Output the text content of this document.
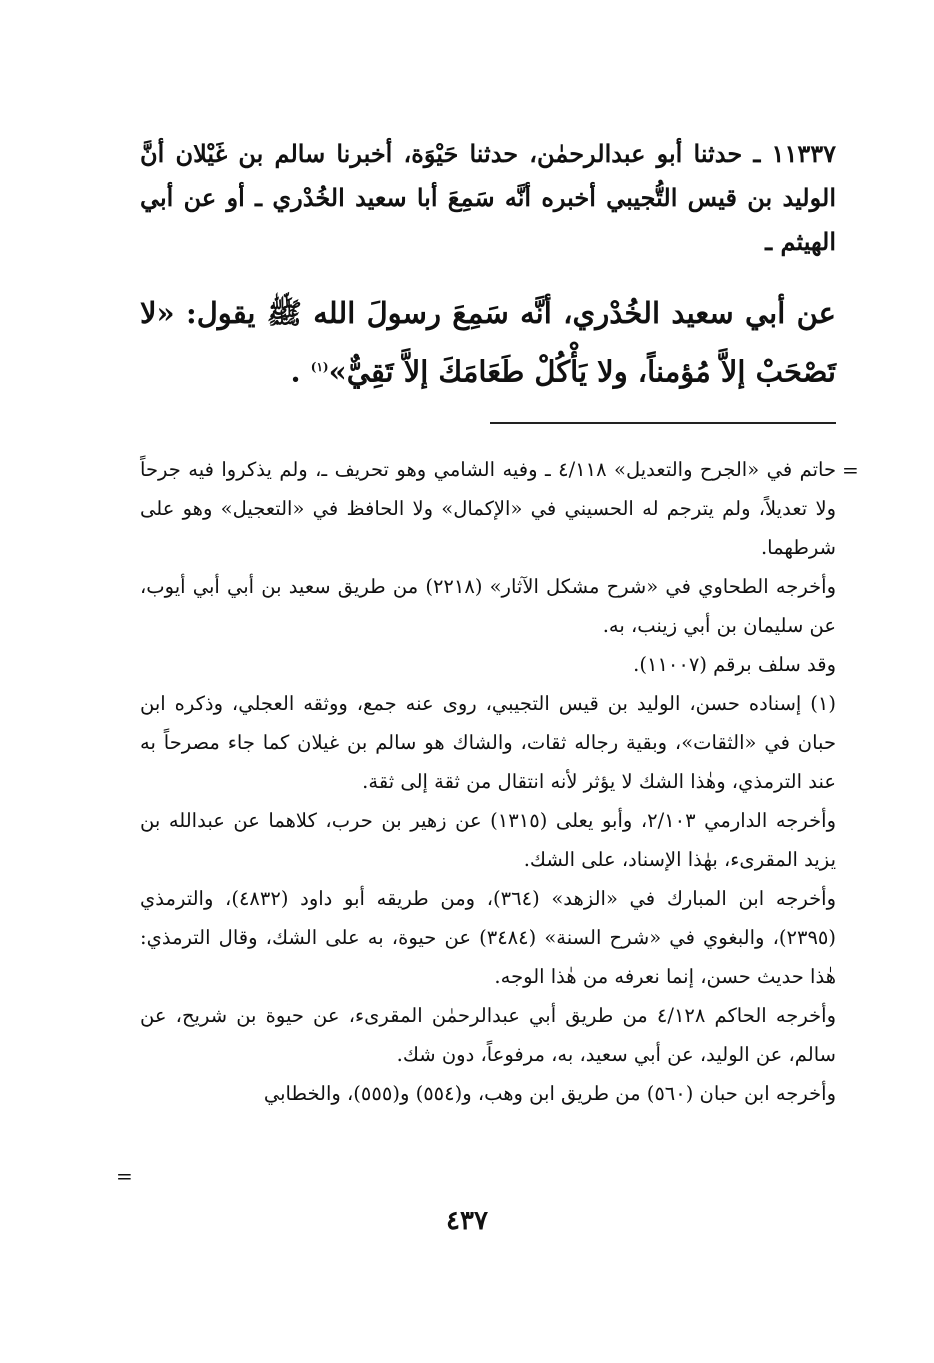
١١٣٣٧ ـ حدثنا أبو عبدالرحمٰن، حدثنا حَيْوَة، أخبرنا سالم بن غَيْلان أنَّ الوليد بن قيس التُّجيبي أخبره أنَّه سَمِعَ أبا سعيد الخُدْري ـ أو عن أبي الهيثم ـ

عن أبي سعيد الخُدْري، أنَّه سَمِعَ رسولَ الله ﷺ يقول: «لا تَصْحَبْ إلاَّ مُؤمناً، ولا يَأْكُلْ طَعَامَكَ إلاَّ تَقِيٌّ»$^{(١)}$ .

=

حاتم في «الجرح والتعديل» ٤/١١٨ ـ وفيه الشامي وهو تحريف ـ، ولم يذكروا فيه جرحاً ولا تعديلاً، ولم يترجم له الحسيني في «الإكمال» ولا الحافظ في «التعجيل» وهو على شرطهما.

وأخرجه الطحاوي في «شرح مشكل الآثار» (٢٢١٨) من طريق سعيد بن أبي أبي أيوب، عن سليمان بن أبي زينب، به.

وقد سلف برقم (١١٠٠٧).

(١) إسناده حسن، الوليد بن قيس التجيبي، روى عنه جمع، ووثقه العجلي، وذكره ابن حبان في «الثقات»، وبقية رجاله ثقات، والشاك هو سالم بن غيلان كما جاء مصرحاً به عند الترمذي، وهٰذا الشك لا يؤثر لأنه انتقال من ثقة إلى ثقة.

وأخرجه الدارمي ٢/١٠٣، وأبو يعلى (١٣١٥) عن زهير بن حرب، كلاهما عن عبدالله بن يزيد المقرىء، بهٰذا الإسناد، على الشك.

وأخرجه ابن المبارك في «الزهد» (٣٦٤)، ومن طريقه أبو داود (٤٨٣٢)، والترمذي (٢٣٩٥)، والبغوي في «شرح السنة» (٣٤٨٤) عن حيوة، به على الشك، وقال الترمذي: هٰذا حديث حسن، إنما نعرفه من هٰذا الوجه.

وأخرجه الحاكم ٤/١٢٨ من طريق أبي عبدالرحمٰن المقرىء، عن حيوة بن شريح، عن سالم، عن الوليد، عن أبي سعيد، به، مرفوعاً، دون شك.

وأخرجه ابن حبان (٥٦٠) من طريق ابن وهب، و(٥٥٤) و(٥٥٥)، والخطابي

=
٤٣٧
